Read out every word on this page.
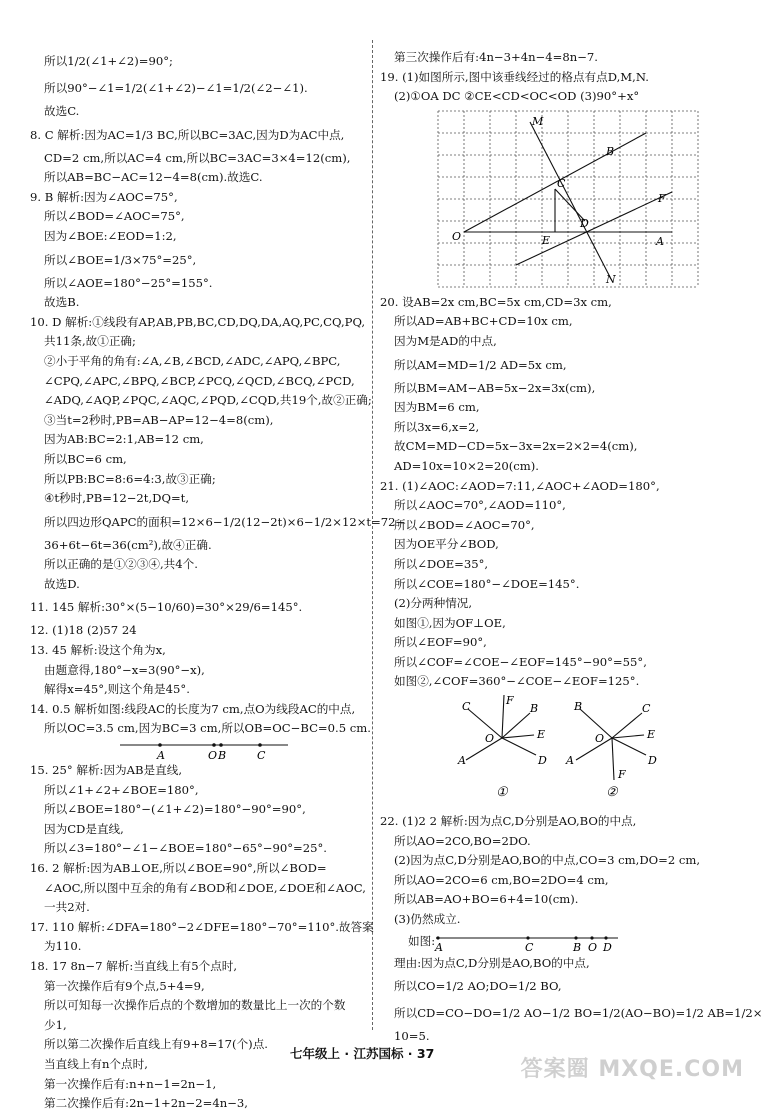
所以1/2(∠1+∠2)=90°;
所以90°−∠1=1/2(∠1+∠2)−∠1=1/2(∠2−∠1).
故选C.
8. C 解析:因为AC=1/3 BC,所以BC=3AC,因为D为AC中点,
CD=2 cm,所以AC=4 cm,所以BC=3AC=3×4=12(cm),
所以AB=BC−AC=12−4=8(cm).故选C.
9. B 解析:因为∠AOC=75°,
所以∠BOD=∠AOC=75°,
因为∠BOE:∠EOD=1:2,
所以∠BOE=1/3×75°=25°,
所以∠AOE=180°−25°=155°.
故选B.
10. D 解析:①线段有AP,AB,PB,BC,CD,DQ,DA,AQ,PC,CQ,PQ,
共11条,故①正确;
②小于平角的角有:∠A,∠B,∠BCD,∠ADC,∠APQ,∠BPC,
∠CPQ,∠APC,∠BPQ,∠BCP,∠PCQ,∠QCD,∠BCQ,∠PCD,
∠ADQ,∠AQP,∠PQC,∠AQC,∠PQD,∠CQD,共19个,故②正确;
③当t=2秒时,PB=AB−AP=12−4=8(cm),
因为AB:BC=2:1,AB=12 cm,
所以BC=6 cm,
所以PB:BC=8:6=4:3,故③正确;
④t秒时,PB=12−2t,DQ=t,
所以四边形QAPC的面积=12×6−1/2(12−2t)×6−1/2×12×t=72−
36+6t−6t=36(cm²),故④正确.
所以正确的是①②③④,共4个.
故选D.
11. 145 解析:30°×(5−10/60)=30°×29/6=145°.
12. (1)18 (2)57 24
13. 45 解析:设这个角为x,
由题意得,180°−x=3(90°−x),
解得x=45°,则这个角是45°.
14. 0.5 解析如图:线段AC的长度为7 cm,点O为线段AC的中点,
所以OC=3.5 cm,因为BC=3 cm,所以OB=OC−BC=0.5 cm.
A	O B	C
15. 25° 解析:因为AB是直线,
所以∠1+∠2+∠BOE=180°,
所以∠BOE=180°−(∠1+∠2)=180°−90°=90°,
因为CD是直线,
所以∠3=180°−∠1−∠BOE=180°−65°−90°=25°.
16. 2 解析:因为AB⊥OE,所以∠BOE=90°,所以∠BOD=
∠AOC,所以图中互余的角有∠BOD和∠DOE,∠DOE和∠AOC,
一共2对.
17. 110 解析:∠DFA=180°−2∠DFE=180°−70°=110°.故答案
为110.
18. 17 8n−7 解析:当直线上有5个点时,
第一次操作后有9个点,5+4=9,
所以可知每一次操作后点的个数增加的数量比上一次的个数
少1,
所以第二次操作后直线上有9+8=17(个)点.
当直线上有n个点时,
第一次操作后有:n+n−1=2n−1,
第二次操作后有:2n−1+2n−2=4n−3,
第三次操作后有:4n−3+4n−4=8n−7.
19. (1)如图所示,图中该垂线经过的格点有点D,M,N.
(2)①OA DC ②CE<CD<OC<OD (3)90°+x°
M
C
B
F
D
O	E	A
N
20. 设AB=2x cm,BC=5x cm,CD=3x cm,
所以AD=AB+BC+CD=10x cm,
因为M是AD的中点,
所以AM=MD=1/2 AD=5x cm,
所以BM=AM−AB=5x−2x=3x(cm),
因为BM=6 cm,
所以3x=6,x=2,
故CM=MD−CD=5x−3x=2x=2×2=4(cm),
AD=10x=10×2=20(cm).
21. (1)∠AOC:∠AOD=7:11,∠AOC+∠AOD=180°,
所以∠AOC=70°,∠AOD=110°,
所以∠BOD=∠AOC=70°,
因为OE平分∠BOD,
所以∠DOE=35°,
所以∠COE=180°−∠DOE=145°.
(2)分两种情况,
如图①,因为OF⊥OE,
所以∠EOF=90°,
所以∠COF=∠COE−∠EOF=145°−90°=55°,
如图②,∠COF=360°−∠COE−∠EOF=125°.
F
C	B
E
O
A	D
①
B	C
E
O
A	D
F
②
22. (1)2 2 解析:因为点C,D分别是AO,BO的中点,
所以AO=2CO,BO=2DO.
(2)因为点C,D分别是AO,BO的中点,CO=3 cm,DO=2 cm,
所以AO=2CO=6 cm,BO=2DO=4 cm,
所以AB=AO+BO=6+4=10(cm).
(3)仍然成立.
如图: A	C	B O D
理由:因为点C,D分别是AO,BO的中点,
所以CO=1/2 AO;DO=1/2 BO,
所以CD=CO−DO=1/2 AO−1/2 BO=1/2(AO−BO)=1/2 AB=1/2×
10=5.
七年级上 · 江苏国标 · 37
答案圈 MXQE.COM
